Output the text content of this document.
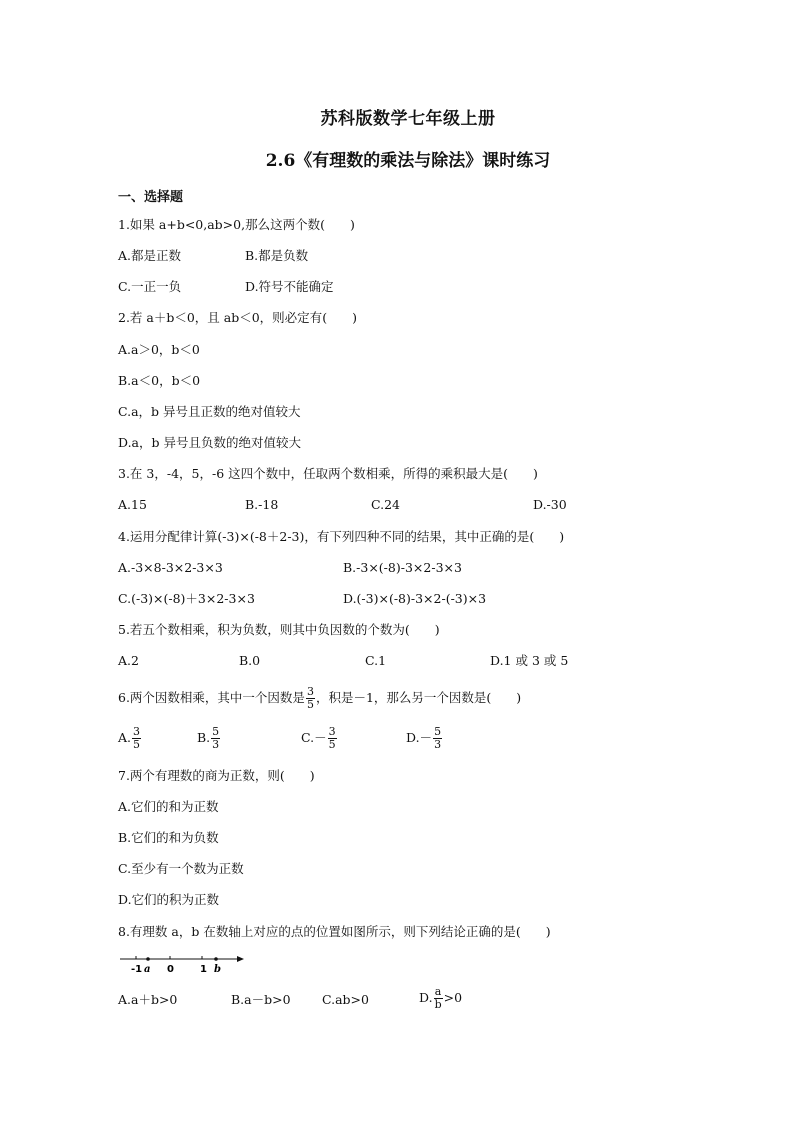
苏科版数学七年级上册
2.6《有理数的乘法与除法》课时练习
一、选择题
1.如果 a+b<0,ab>0,那么这两个数(　　)
A.都是正数	B.都是负数
C.一正一负	D.符号不能确定
2.若 a＋b＜0，且 ab＜0，则必定有(　　)
A.a＞0，b＜0
B.a＜0，b＜0
C.a，b 异号且正数的绝对值较大
D.a，b 异号且负数的绝对值较大
3.在 3，-4，5，-6 这四个数中，任取两个数相乘，所得的乘积最大是(　　)
A.15	B.-18	C.24	D.-30
4.运用分配律计算(-3)×(-8＋2-3)，有下列四种不同的结果，其中正确的是(　　)
A.-3×8-3×2-3×3	B.-3×(-8)-3×2-3×3
C.(-3)×(-8)＋3×2-3×3	D.(-3)×(-8)-3×2-(-3)×3
5.若五个数相乘，积为负数，则其中负因数的个数为(　　)
A.2	B.0	C.1	D.1 或 3 或 5
6.两个因数相乘，其中一个因数是 $\frac{3}{5}$ ，积是－1，那么另一个因数是(　　)
A. $\frac{3}{5}$	B. $\frac{5}{3}$	$C.- \frac{3}{5}$	$D.- \frac{5}{3}$
7.两个有理数的商为正数，则(　　)
A.它们的和为正数
B.它们的和为负数
C.至少有一个数为正数
D.它们的积为正数
8.有理数 a，b 在数轴上对应的点的位置如图所示，则下列结论正确的是(　　)
-1 a 0	1 b
A.a＋b>0	B.a－b>0	C.ab>0	D. $\frac{a}{b} >0$
